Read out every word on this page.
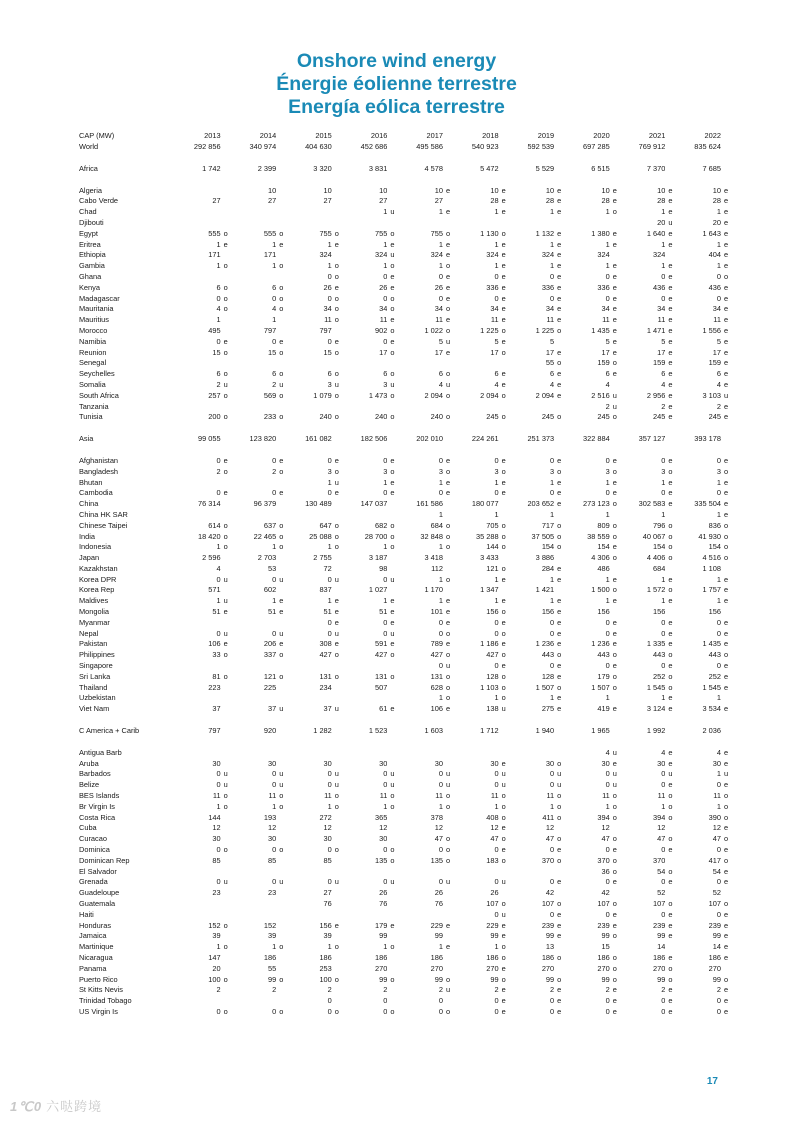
Onshore wind energy
Énergie éolienne terrestre
Energía eólica terrestre
CAP (MW)	2013		2014		2015		2016		2017		2018		2019		2020		2021		2022	
World	292 856		340 974		404 630		452 686		495 586		540 923		592 539		697 285		769 912		835 624	

Africa	1 742		2 399		3 320		3 831		4 578		5 472		5 529		6 515		7 370		7 685	

Algeria			10		10		10		10	e	10	e	10	e	10	e	10	e	10	e
Cabo Verde	27		27		27		27		27		28	e	28	e	28	e	28	e	28	e
Chad							1	u	1	e	1	e	1	e	1	o	1	e	1	e
Djibouti																	20	u	20	e
Egypt	555	o	555	o	755	o	755	o	755	o	1 130	o	1 132	e	1 380	e	1 640	e	1 643	e
Eritrea	1	e	1	e	1	e	1	e	1	e	1	e	1	e	1	e	1	e	1	e
Ethiopia	171		171		324		324	u	324	e	324	e	324	e	324		324		404	e
Gambia	1	o	1	o	1	o	1	o	1	o	1	e	1	e	1	e	1	e	1	e
Ghana					0	o	0	e	0	e	0	e	0	e	0	e	0	e	0	o
Kenya	6	o	6	o	26	e	26	e	26	e	336	e	336	e	336	e	436	e	436	e
Madagascar	0	o	0	o	0	o	0	o	0	e	0	e	0	e	0	e	0	e	0	e
Mauritania	4	o	4	o	34	o	34	o	34	o	34	e	34	e	34	e	34	e	34	e
Mauritius	1		1		11	o	11	e	11	e	11	e	11	e	11	e	11	e	11	e
Morocco	495		797		797		902	o	1 022	o	1 225	o	1 225	o	1 435	e	1 471	e	1 556	e
Namibia	0	e	0	e	0	e	0	e	5	u	5	e	5		5	e	5	e	5	e
Reunion	15	o	15	o	15	o	17	o	17	e	17	o	17	e	17	e	17	e	17	e
Senegal													55	o	159	o	159	e	159	e
Seychelles	6	o	6	o	6	o	6	o	6	o	6	e	6	e	6	e	6	e	6	e
Somalia	2	u	2	u	3	u	3	u	4	u	4	e	4	e	4		4	e	4	e
South Africa	257	o	569	o	1 079	o	1 473	o	2 094	o	2 094	o	2 094	e	2 516	u	2 956	e	3 103	u
Tanzania															2	u	2	e	2	e
Tunisia	200	o	233	o	240	o	240	o	240	o	245	o	245	o	245	o	245	e	245	e

Asia	99 055		123 820		161 082		182 506		202 010		224 261		251 373		322 884		357 127		393 178	

Afghanistan	0	e	0	e	0	e	0	e	0	e	0	e	0	e	0	e	0	e	0	e
Bangladesh	2	o	2	o	3	o	3	o	3	o	3	o	3	o	3	o	3	o	3	o
Bhutan					1	u	1	e	1	e	1	e	1	e	1	e	1	e	1	e
Cambodia	0	e	0	e	0	e	0	e	0	e	0	e	0	e	0	e	0	e	0	e
China	76 314		96 379		130 489		147 037		161 586		180 077		203 652	e	273 123	o	302 583	e	335 504	e
China HK SAR									1		1		1		1		1		1	e
Chinese Taipei	614	o	637	o	647	o	682	o	684	o	705	o	717	o	809	o	796	o	836	o
India	18 420	o	22 465	o	25 088	o	28 700	o	32 848	o	35 288	o	37 505	o	38 559	o	40 067	o	41 930	o
Indonesia	1	o	1	o	1	o	1	o	1	o	144	o	154	o	154	e	154	o	154	o
Japan	2 596		2 703		2 755		3 187		3 418		3 433		3 886		4 306	o	4 406	o	4 516	o
Kazakhstan	4		53		72		98		112		121	o	284	e	486		684		1 108	
Korea DPR	0	u	0	u	0	u	0	u	1	o	1	e	1	e	1	e	1	e	1	e
Korea Rep	571		602		837		1 027		1 170		1 347		1 421		1 500	o	1 572	o	1 757	e
Maldives	1	u	1	e	1	e	1	e	1	e	1	e	1	e	1	e	1	e	1	e
Mongolia	51	e	51	e	51	e	51	e	101	e	156	o	156	e	156		156		156	
Myanmar					0	e	0	e	0	e	0	e	0	e	0	e	0	e	0	e
Nepal	0	u	0	u	0	u	0	u	0	o	0	o	0	e	0	e	0	e	0	e
Pakistan	106	e	206	e	308	e	591	e	789	e	1 186	e	1 236	e	1 236	e	1 335	e	1 435	e
Philippines	33	o	337	o	427	o	427	o	427	o	427	o	443	o	443	o	443	o	443	o
Singapore									0	u	0	e	0	e	0	e	0	e	0	e
Sri Lanka	81	o	121	o	131	o	131	o	131	o	128	o	128	e	179	o	252	o	252	e
Thailand	223		225		234		507		628	o	1 103	o	1 507	o	1 507	o	1 545	o	1 545	e
Uzbekistan									1	o	1	o	1	e	1		1	e	1	
Viet Nam	37		37	u	37	u	61	e	106	e	138	u	275	e	419	e	3 124	e	3 534	e

C America + Carib	797		920		1 282		1 523		1 603		1 712		1 940		1 965		1 992		2 036	

Antigua Barb															4	u	4	e	4	e
Aruba	30		30		30		30		30		30	e	30	o	30	e	30	e	30	e
Barbados	0	u	0	u	0	u	0	u	0	u	0	u	0	u	0	u	0	u	1	u
Belize	0	u	0	u	0	u	0	u	0	u	0	u	0	u	0	u	0	e	0	e
BES Islands	11	o	11	o	11	o	11	o	11	o	11	o	11	o	11	o	11	o	11	o
Br Virgin Is	1	o	1	o	1	o	1	o	1	o	1	o	1	o	1	o	1	o	1	o
Costa Rica	144		193		272		365		378		408	o	411	o	394	o	394	o	390	o
Cuba	12		12		12		12		12		12	e	12		12		12		12	e
Curacao	30		30		30		30		47	o	47	o	47	o	47	o	47	o	47	o
Dominica	0	o	0	o	0	o	0	o	0	o	0	e	0	e	0	e	0	e	0	e
Dominican Rep	85		85		85		135	o	135	o	183	o	370	o	370	o	370		417	o
El Salvador															36	o	54	o	54	e
Grenada	0	u	0	u	0	u	0	u	0	u	0	u	0	e	0	e	0	e	0	e
Guadeloupe	23		23		27		26		26		26		42		42		52		52	
Guatemala					76		76		76		107	o	107	o	107	o	107	o	107	o
Haiti											0	u	0	e	0	e	0	e	0	e
Honduras	152	o	152		156	e	179	e	229	e	229	e	239	e	239	e	239	e	239	e
Jamaica	39		39		39		99		99		99	e	99	e	99	o	99	e	99	e
Martinique	1	o	1	o	1	o	1	o	1	e	1	o	13		15		14		14	e
Nicaragua	147		186		186		186		186		186	o	186	o	186	o	186	e	186	e
Panama	20		55		253		270		270		270	e	270		270	o	270	o	270	
Puerto Rico	100	o	99	o	100	o	99	o	99	o	99	o	99	o	99	o	99	o	99	o
St Kitts Nevis	2		2		2		2		2	u	2	e	2	e	2	e	2	e	2	e
Trinidad Tobago					0		0		0		0	e	0	e	0	e	0	e	0	e
US Virgin Is	0	o	0	o	0	o	0	o	0	o	0	e	0	e	0	e	0	e	0	e
17
1℃0 六哒跨境
